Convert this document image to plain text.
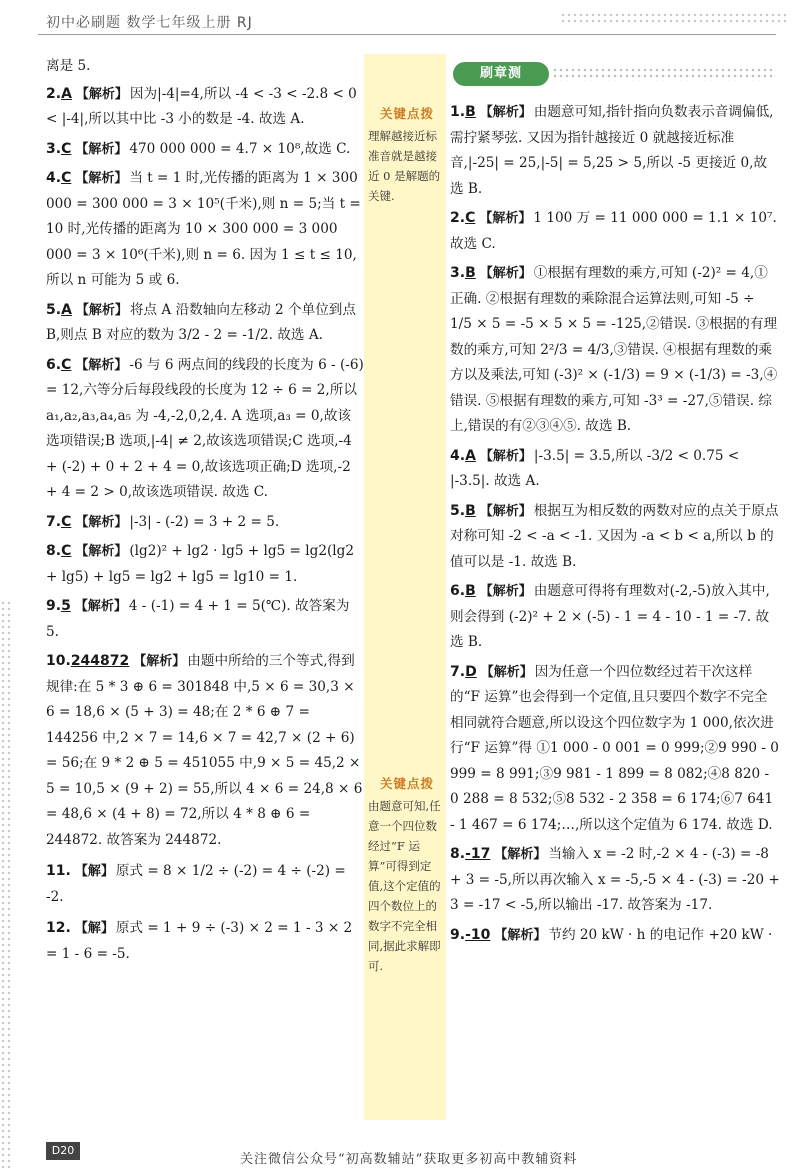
初中必刷题 数学七年级上册 RJ
关键点拨
理解越接近标准音就是越接近 0 是解题的关键.
关键点拨
由题意可知,任意一个四位数经过“F 运算”可得到定值,这个定值的四个数位上的数字不完全相同,据此求解即可.
刷章测

离是 5.

2.A 【解析】 因为|-4|=4,所以 -4 < -3 < -2.8 < 0 < |-4|,所以其中比 -3 小的数是 -4. 故选 A.

3.C 【解析】 470 000 000 = 4.7 × 10⁸,故选 C.

4.C 【解析】 当 t = 1 时,光传播的距离为 1 × 300 000 = 300 000 = 3 × 10⁵(千米),则 n = 5;当 t = 10 时,光传播的距离为 10 × 300 000 = 3 000 000 = 3 × 10⁶(千米),则 n = 6. 因为 1 ≤ t ≤ 10,所以 n 可能为 5 或 6.

5.A 【解析】 将点 A 沿数轴向左移动 2 个单位到点 B,则点 B 对应的数为 3/2 - 2 = -1/2. 故选 A.

6.C 【解析】 -6 与 6 两点间的线段的长度为 6 - (-6) = 12,六等分后每段线段的长度为 12 ÷ 6 = 2,所以 a₁,a₂,a₃,a₄,a₅ 为 -4,-2,0,2,4. A 选项,a₃ = 0,故该选项错误;B 选项,|-4| ≠ 2,故该选项错误;C 选项,-4 + (-2) + 0 + 2 + 4 = 0,故该选项正确;D 选项,-2 + 4 = 2 > 0,故该选项错误. 故选 C.

7.C 【解析】 |-3| - (-2) = 3 + 2 = 5.

8.C 【解析】 (lg2)² + lg2 · lg5 + lg5 = lg2(lg2 + lg5) + lg5 = lg2 + lg5 = lg10 = 1.

9.5 【解析】 4 - (-1) = 4 + 1 = 5(℃). 故答案为 5.

10.244872 【解析】 由题中所给的三个等式,得到规律:在 5 * 3 ⊕ 6 = 301848 中,5 × 6 = 30,3 × 6 = 18,6 × (5 + 3) = 48;在 2 * 6 ⊕ 7 = 144256 中,2 × 7 = 14,6 × 7 = 42,7 × (2 + 6) = 56;在 9 * 2 ⊕ 5 = 451055 中,9 × 5 = 45,2 × 5 = 10,5 × (9 + 2) = 55,所以 4 × 6 = 24,8 × 6 = 48,6 × (4 + 8) = 72,所以 4 * 8 ⊕ 6 = 244872. 故答案为 244872.

11. 【解】 原式 = 8 × 1/2 ÷ (-2) = 4 ÷ (-2) = -2.

12. 【解】 原式 = 1 + 9 ÷ (-3) × 2 = 1 - 3 × 2 = 1 - 6 = -5.

1.B 【解析】 由题意可知,指针指向负数表示音调偏低,需拧紧琴弦. 又因为指针越接近 0 就越接近标准音,|-25| = 25,|-5| = 5,25 > 5,所以 -5 更接近 0,故选 B.

2.C 【解析】 1 100 万 = 11 000 000 = 1.1 × 10⁷. 故选 C.

3.B 【解析】 ①根据有理数的乘方,可知 (-2)² = 4,①正确. ②根据有理数的乘除混合运算法则,可知 -5 ÷ 1/5 × 5 = -5 × 5 × 5 = -125,②错误. ③根据的有理数的乘方,可知 2²/3 = 4/3,③错误. ④根据有理数的乘方以及乘法,可知 (-3)² × (-1/3) = 9 × (-1/3) = -3,④错误. ⑤根据有理数的乘方,可知 -3³ = -27,⑤错误. 综上,错误的有②③④⑤. 故选 B.

4.A 【解析】 |-3.5| = 3.5,所以 -3/2 < 0.75 < |-3.5|. 故选 A.

5.B 【解析】 根据互为相反数的两数对应的点关于原点对称可知 -2 < -a < -1. 又因为 -a < b < a,所以 b 的值可以是 -1. 故选 B.

6.B 【解析】 由题意可得将有理数对(-2,-5)放入其中,则会得到 (-2)² + 2 × (-5) - 1 = 4 - 10 - 1 = -7. 故选 B.

7.D 【解析】 因为任意一个四位数经过若干次这样的“F 运算”也会得到一个定值,且只要四个数字不完全相同就符合题意,所以设这个四位数字为 1 000,依次进行“F 运算”得 ①1 000 - 0 001 = 0 999;②9 990 - 0 999 = 8 991;③9 981 - 1 899 = 8 082;④8 820 - 0 288 = 8 532;⑤8 532 - 2 358 = 6 174;⑥7 641 - 1 467 = 6 174;…,所以这个定值为 6 174. 故选 D.

8.-17 【解析】 当输入 x = -2 时,-2 × 4 - (-3) = -8 + 3 = -5,所以再次输入 x = -5,-5 × 4 - (-3) = -20 + 3 = -17 < -5,所以输出 -17. 故答案为 -17.

9.-10 【解析】 节约 20 kW · h 的电记作 +20 kW ·

D20
关注微信公众号“初高数辅站”获取更多初高中教辅资料
